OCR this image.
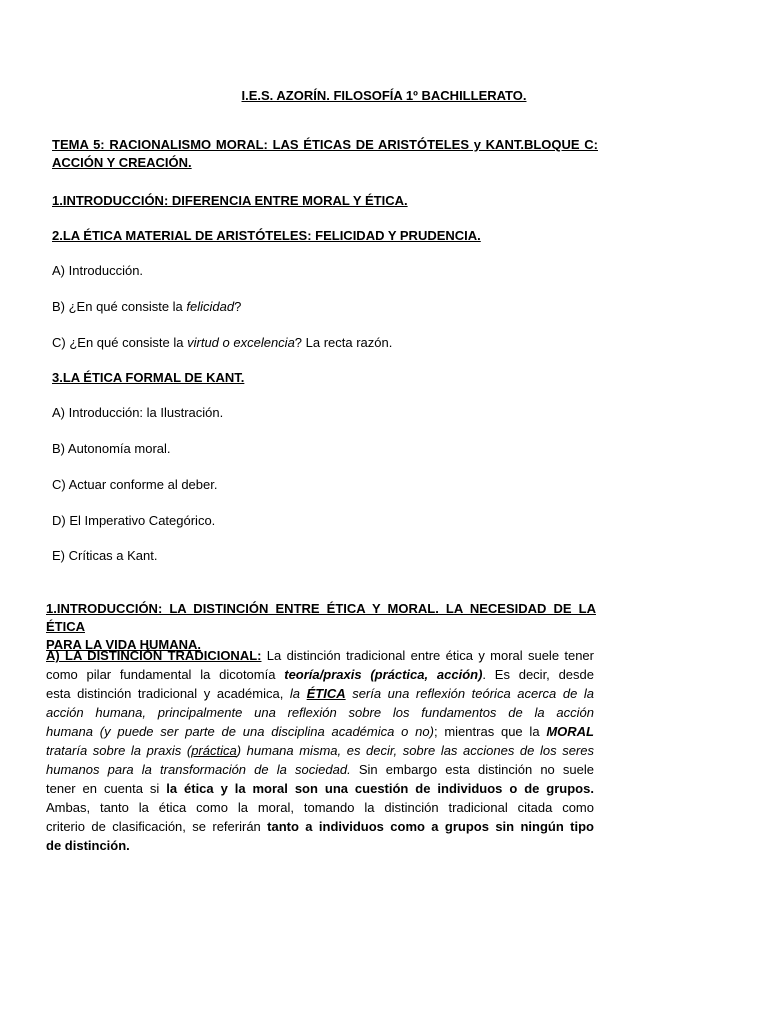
I.E.S. AZORÍN. FILOSOFÍA 1º BACHILLERATO.
TEMA 5: RACIONALISMO MORAL: LAS ÉTICAS DE ARISTÓTELES y KANT.BLOQUE C:
ACCIÓN Y CREACIÓN.
1.INTRODUCCIÓN: DIFERENCIA ENTRE MORAL Y ÉTICA.
2.LA ÉTICA MATERIAL DE ARISTÓTELES: FELICIDAD Y PRUDENCIA.
A) Introducción.
B) ¿En qué consiste la felicidad?
C) ¿En qué consiste la virtud o excelencia? La recta razón.
3.LA ÉTICA FORMAL DE KANT.
A) Introducción: la Ilustración.
B) Autonomía moral.
C) Actuar conforme al deber.
D) El Imperativo Categórico.
E) Críticas a Kant.
1.INTRODUCCIÓN: LA DISTINCIÓN ENTRE ÉTICA Y MORAL. LA NECESIDAD DE LA ÉTICA
PARA LA VIDA HUMANA.
A) LA DISTINCIÓN TRADICIONAL: La distinción tradicional entre ética y moral suele tener
como pilar fundamental la dicotomía teoría/praxis (práctica, acción). Es decir, desde
esta distinción tradicional y académica, la ÉTICA sería una reflexión teórica acerca de la
acción humana, principalmente una reflexión sobre los fundamentos de la acción
humana (y puede ser parte de una disciplina académica o no); mientras que la MORAL
trataría sobre la praxis (práctica) humana misma, es decir, sobre las acciones de los seres
humanos para la transformación de la sociedad. Sin embargo esta distinción no suele
tener en cuenta si la ética y la moral son una cuestión de individuos o de grupos.
Ambas, tanto la ética como la moral, tomando la distinción tradicional citada como
criterio de clasificación, se referirán tanto a individuos como a grupos sin ningún tipo
de distinción.
